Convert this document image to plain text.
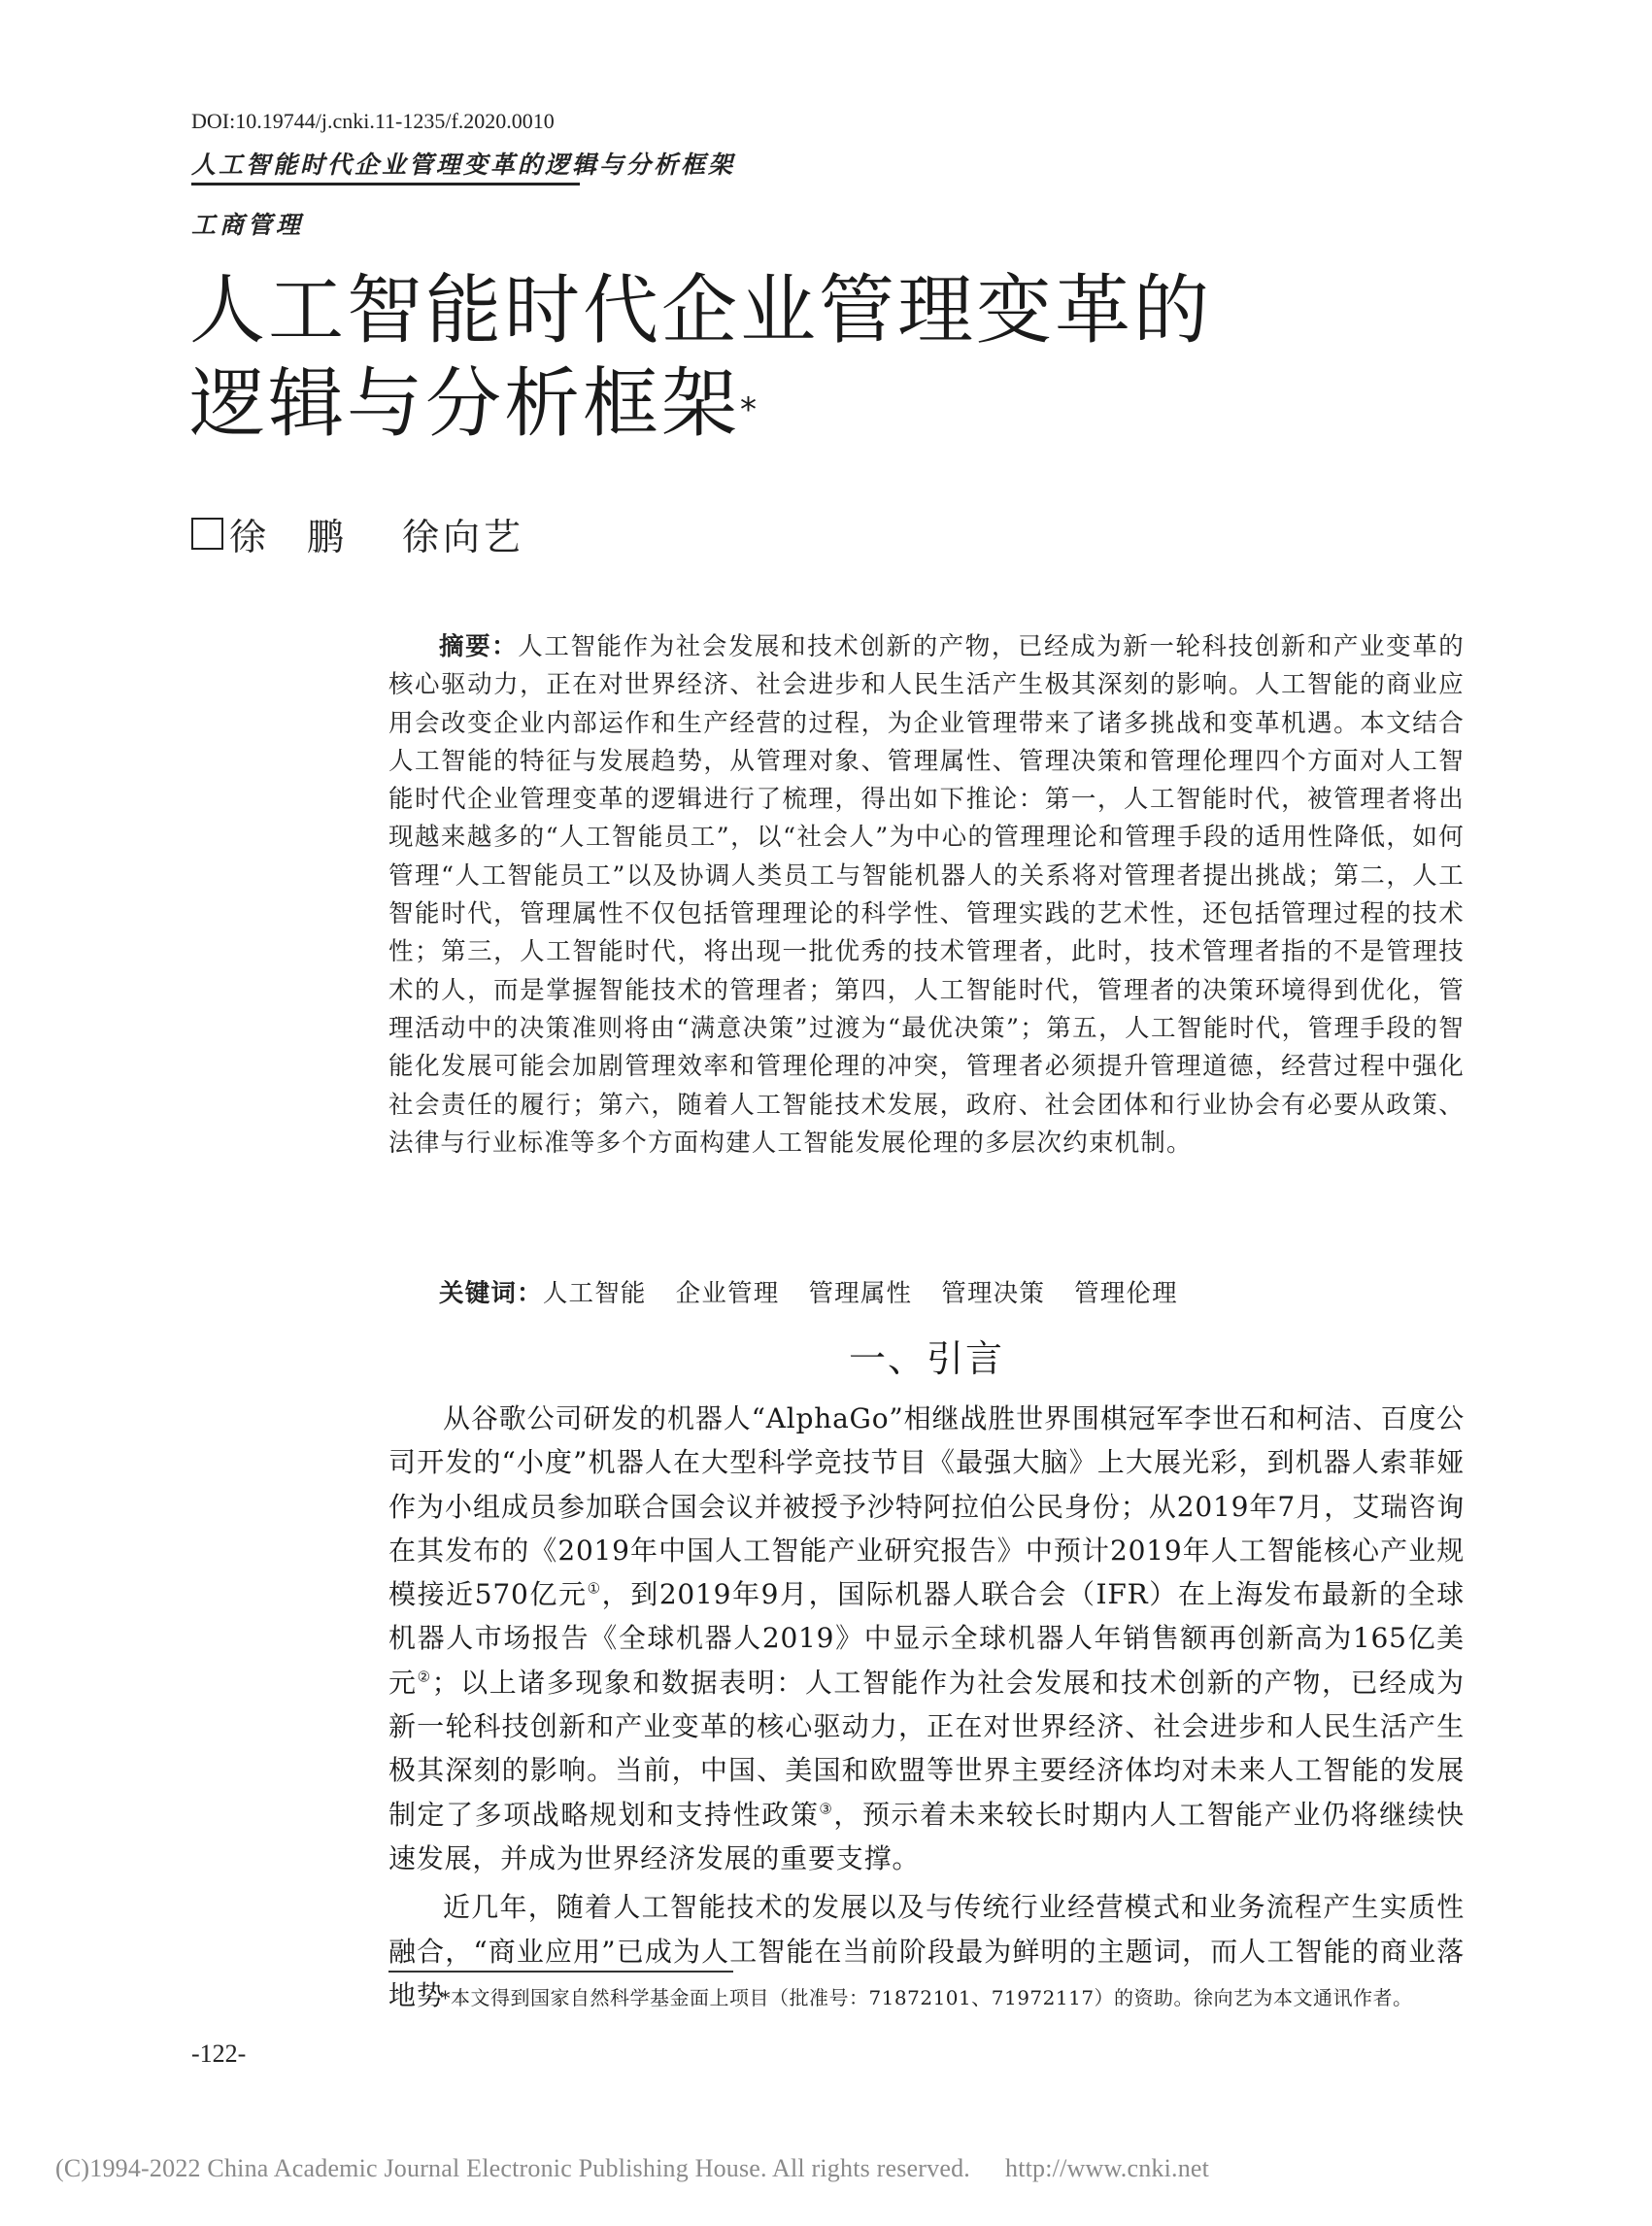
DOI:10.19744/j.cnki.11-1235/f.2020.0010
人工智能时代企业管理变革的逻辑与分析框架
工商管理
人工智能时代企业管理变革的
逻辑与分析框架*
徐鹏 徐向艺
摘要：人工智能作为社会发展和技术创新的产物，已经成为新一轮科技创新和产业变革的核心驱动力，正在对世界经济、社会进步和人民生活产生极其深刻的影响。人工智能的商业应用会改变企业内部运作和生产经营的过程，为企业管理带来了诸多挑战和变革机遇。本文结合人工智能的特征与发展趋势，从管理对象、管理属性、管理决策和管理伦理四个方面对人工智能时代企业管理变革的逻辑进行了梳理，得出如下推论：第一，人工智能时代，被管理者将出现越来越多的“人工智能员工”，以“社会人”为中心的管理理论和管理手段的适用性降低，如何管理“人工智能员工”以及协调人类员工与智能机器人的关系将对管理者提出挑战；第二，人工智能时代，管理属性不仅包括管理理论的科学性、管理实践的艺术性，还包括管理过程的技术性；第三，人工智能时代，将出现一批优秀的技术管理者，此时，技术管理者指的不是管理技术的人，而是掌握智能技术的管理者；第四，人工智能时代，管理者的决策环境得到优化，管理活动中的决策准则将由“满意决策”过渡为“最优决策”；第五，人工智能时代，管理手段的智能化发展可能会加剧管理效率和管理伦理的冲突，管理者必须提升管理道德，经营过程中强化社会责任的履行；第六，随着人工智能技术发展，政府、社会团体和行业协会有必要从政策、法律与行业标准等多个方面构建人工智能发展伦理的多层次约束机制。
关键词：人工智能 企业管理 管理属性 管理决策 管理伦理
一、引言

从谷歌公司研发的机器人“AlphaGo”相继战胜世界围棋冠军李世石和柯洁、百度公司开发的“小度”机器人在大型科学竞技节目《最强大脑》上大展光彩，到机器人索菲娅作为小组成员参加联合国会议并被授予沙特阿拉伯公民身份；从2019年7月，艾瑞咨询在其发布的《2019年中国人工智能产业研究报告》中预计2019年人工智能核心产业规模接近570亿元①，到2019年9月，国际机器人联合会（IFR）在上海发布最新的全球机器人市场报告《全球机器人2019》中显示全球机器人年销售额再创新高为165亿美元②；以上诸多现象和数据表明：人工智能作为社会发展和技术创新的产物，已经成为新一轮科技创新和产业变革的核心驱动力，正在对世界经济、社会进步和人民生活产生极其深刻的影响。当前，中国、美国和欧盟等世界主要经济体均对未来人工智能的发展制定了多项战略规划和支持性政策③，预示着未来较长时期内人工智能产业仍将继续快速发展，并成为世界经济发展的重要支撑。

近几年，随着人工智能技术的发展以及与传统行业经营模式和业务流程产生实质性融合，“商业应用”已成为人工智能在当前阶段最为鲜明的主题词，而人工智能的商业落地势

*本文得到国家自然科学基金面上项目（批准号：71872101、71972117）的资助。徐向艺为本文通讯作者。
-122-
(C)1994-2022 China Academic Journal Electronic Publishing House. All rights reserved. http://www.cnki.net
